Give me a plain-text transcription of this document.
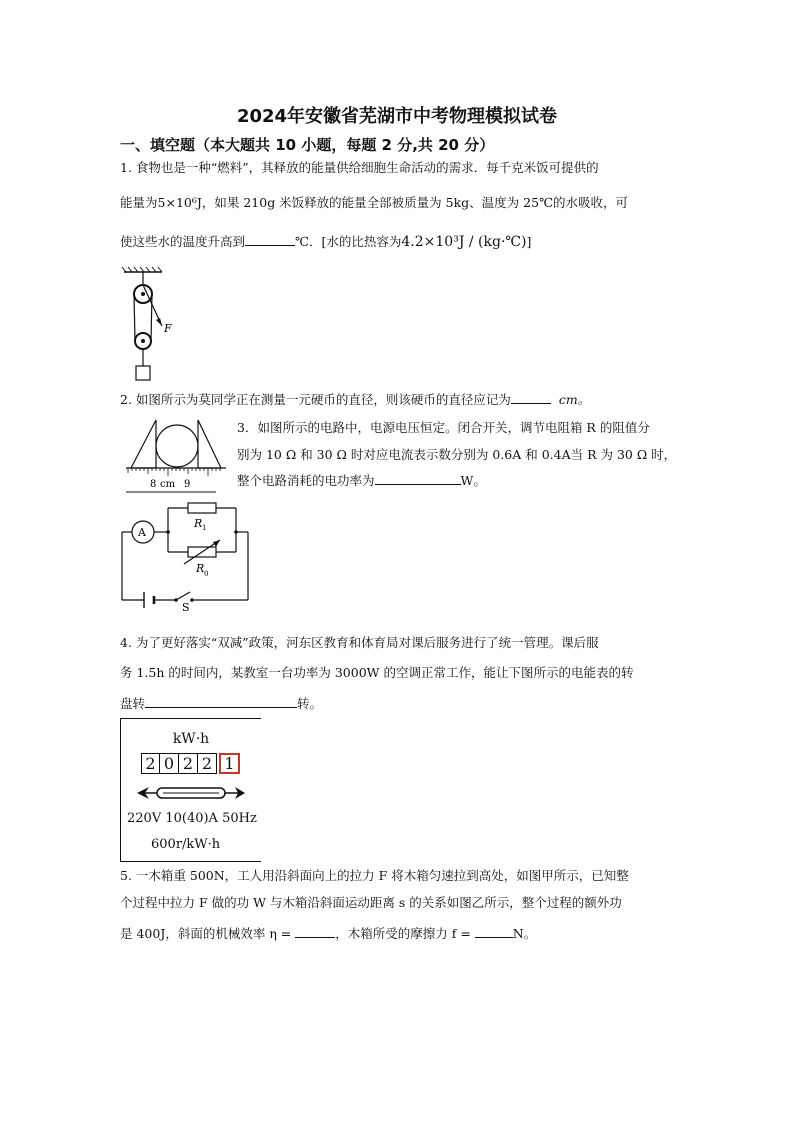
2024年安徽省芜湖市中考物理模拟试卷
一、填空题（本大题共 10 小题，每题 2 分,共 20 分）
1. 食物也是一种“燃料”，其释放的能量供给细胞生命活动的需求．每千克米饭可提供的
能量为5×10⁶J，如果 210g 米饭释放的能量全部被质量为 5kg、温度为 25℃的水吸收，可
使这些水的温度升高到	℃．[水的比热容为4.2×10³J / (kg·℃)]
F
2. 如图所示为莫同学正在测量一元硬币的直径，则该硬币的直径应记为	cm。
8 cm 9
3．如图所示的电路中，电源电压恒定。闭合开关，调节电阻箱 R 的阻值分
别为 10 Ω 和 30 Ω 时对应电流表示数分别为 0.6A 和 0.4A当 R 为 30 Ω 时，
整个电路消耗的电功率为	W。
A
R 1
R 0
S
4. 为了更好落实“双减”政策，河东区教育和体育局对课后服务进行了统一管理。课后服
务 1.5h 的时间内，某教室一台功率为 3000W 的空调正常工作，能让下图所示的电能表的转
盘转	转。
kW·h
2 0 2 2 1
220V 10(40)A 50Hz
600r/kW·h
5. 一木箱重 500N，工人用沿斜面向上的拉力 F 将木箱匀速拉到高处，如图甲所示，已知整
个过程中拉力 F 做的功 W 与木箱沿斜面运动距离 s 的关系如图乙所示，整个过程的额外功
是 400J，斜面的机械效率 η =	，木箱所受的摩擦力 f =	N。
